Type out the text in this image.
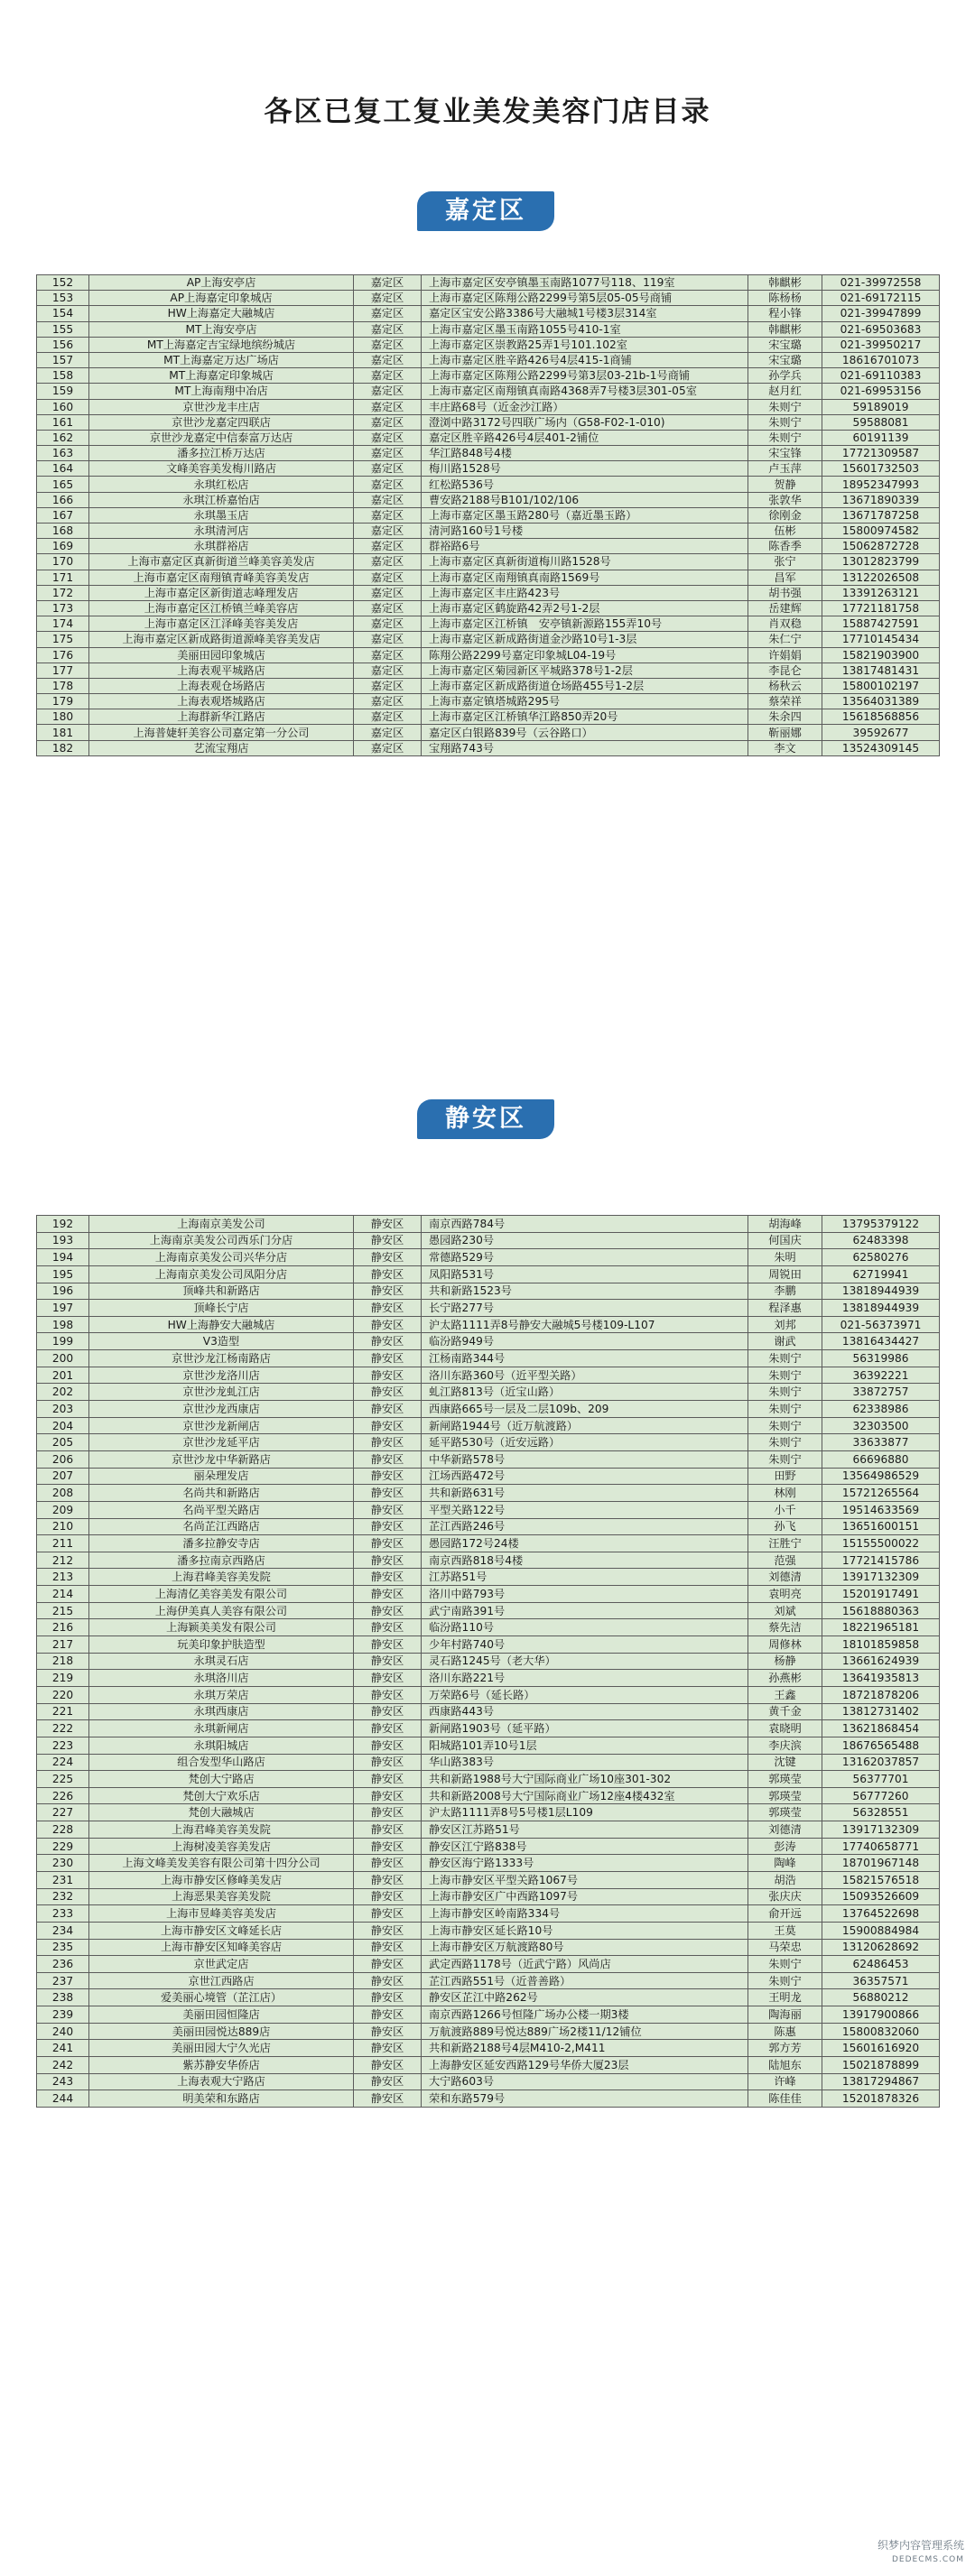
各区已复工复业美发美容门店目录
嘉定区
152	AP上海安亭店	嘉定区	上海市嘉定区安亭镇墨玉南路1077号118、119室	韩麒彬	021-39972558
153	AP上海嘉定印象城店	嘉定区	上海市嘉定区陈翔公路2299号第5层05-05号商铺	陈杨杨	021-69172115
154	HW上海嘉定大融城店	嘉定区	嘉定区宝安公路3386号大融城1号楼3层314室	程小锋	021-39947899
155	MT上海安亭店	嘉定区	上海市嘉定区墨玉南路1055号410-1室	韩麒彬	021-69503683
156	MT上海嘉定吉宝绿地缤纷城店	嘉定区	上海市嘉定区崇教路25弄1号101.102室	宋宝璐	021-39950217
157	MT上海嘉定万达广场店	嘉定区	上海市嘉定区胜辛路426号4层415-1商铺	宋宝璐	18616701073
158	MT上海嘉定印象城店	嘉定区	上海市嘉定区陈翔公路2299号第3层03-21b-1号商铺	孙学兵	021-69110383
159	MT上海南翔中冶店	嘉定区	上海市嘉定区南翔镇真南路4368弄7号楼3层301-05室	赵月红	021-69953156
160	京世沙龙丰庄店	嘉定区	丰庄路68号（近金沙江路）	朱则宁	59189019
161	京世沙龙嘉定四联店	嘉定区	澄浏中路3172号四联广场内（G58-F02-1-010)	朱则宁	59588081
162	京世沙龙嘉定中信泰富万达店	嘉定区	嘉定区胜辛路426号4层401-2铺位	朱则宁	60191139
163	潘多拉江桥万达店	嘉定区	华江路848号4楼	宋宝锋	17721309587
164	文峰美容美发梅川路店	嘉定区	梅川路1528号	卢玉萍	15601732503
165	永琪红松店	嘉定区	红松路536号	贺静	18952347993
166	永琪江桥嘉怡店	嘉定区	曹安路2188号B101/102/106	张敦华	13671890339
167	永琪墨玉店	嘉定区	上海市嘉定区墨玉路280号（嘉近墨玉路）	徐刚金	13671787258
168	永琪清河店	嘉定区	清河路160号1号楼	伍彬	15800974582
169	永琪群裕店	嘉定区	群裕路6号	陈香季	15062872728
170	上海市嘉定区真新街道兰峰美容美发店	嘉定区	上海市嘉定区真新街道梅川路1528号	张宁	13012823799
171	上海市嘉定区南翔镇青峰美容美发店	嘉定区	上海市嘉定区南翔镇真南路1569号	昌军	13122026508
172	上海市嘉定区新街道志峰理发店	嘉定区	上海市嘉定区丰庄路423号	胡书强	13391263121
173	上海市嘉定区江桥镇兰峰美容店	嘉定区	上海市嘉定区鹤旋路42弄2号1-2层	岳建辉	17721181758
174	上海市嘉定区江泽峰美容美发店	嘉定区	上海市嘉定区江桥镇　安亭镇新源路155弄10号	肖双稳	15887427591
175	上海市嘉定区新成路街道源峰美容美发店	嘉定区	上海市嘉定区新成路街道金沙路10号1-3层	朱仁宁	17710145434
176	美丽田园印象城店	嘉定区	陈翔公路2299号嘉定印象城L04-19号	许娟娟	15821903900
177	上海表观平城路店	嘉定区	上海市嘉定区菊园新区平城路378号1-2层	李昆仑	13817481431
178	上海表观仓场路店	嘉定区	上海市嘉定区新成路街道仓场路455号1-2层	杨秋云	15800102197
179	上海表观塔城路店	嘉定区	上海市嘉定镇塔城路295号	蔡荣祥	13564031389
180	上海群新华江路店	嘉定区	上海市嘉定区江桥镇华江路850弄20号	朱余四	15618568856
181	上海普婕轩美容公司嘉定第一分公司	嘉定区	嘉定区白银路839号（云谷路口）	靳丽娜	39592677
182	艺流宝翔店	嘉定区	宝翔路743号	李文	13524309145
静安区
192	上海南京美发公司	静安区	南京西路784号	胡海峰	13795379122
193	上海南京美发公司西乐门分店	静安区	愚园路230号	何国庆	62483398
194	上海南京美发公司兴华分店	静安区	常德路529号	朱明	62580276
195	上海南京美发公司凤阳分店	静安区	凤阳路531号	周锐田	62719941
196	顶峰共和新路店	静安区	共和新路1523号	李鹏	13818944939
197	顶峰长宁店	静安区	长宁路277号	程泽惠	13818944939
198	HW上海静安大融城店	静安区	沪太路1111弄8号静安大融城5号楼109-L107	刘邦	021-56373971
199	V3造型	静安区	临汾路949号	谢武	13816434427
200	京世沙龙江杨南路店	静安区	江杨南路344号	朱则宁	56319986
201	京世沙龙洛川店	静安区	洛川东路360号（近平型关路）	朱则宁	36392221
202	京世沙龙虬江店	静安区	虬江路813号（近宝山路）	朱则宁	33872757
203	京世沙龙西康店	静安区	西康路665号一层及二层109b、209	朱则宁	62338986
204	京世沙龙新闸店	静安区	新闸路1944号（近万航渡路）	朱则宁	32303500
205	京世沙龙延平店	静安区	延平路530号（近安远路）	朱则宁	33633877
206	京世沙龙中华新路店	静安区	中华新路578号	朱则宁	66696880
207	丽朵理发店	静安区	江场西路472号	田野	13564986529
208	名尚共和新路店	静安区	共和新路631号	林刚	15721265564
209	名尚平型关路店	静安区	平型关路122号	小千	19514633569
210	名尚芷江西路店	静安区	芷江西路246号	孙飞	13651600151
211	潘多拉静安寺店	静安区	愚园路172号24楼	汪胜宁	15155500022
212	潘多拉南京西路店	静安区	南京西路818号4楼	范强	17721415786
213	上海君峰美容美发院	静安区	江苏路51号	刘德清	13917132309
214	上海清亿美容美发有限公司	静安区	洛川中路793号	袁明亮	15201917491
215	上海伊美真人美容有限公司	静安区	武宁南路391号	刘斌	15618880363
216	上海颖美美发有限公司	静安区	临汾路110号	蔡先洁	18221965181
217	玩美印象护肤造型	静安区	少年村路740号	周修林	18101859858
218	永琪灵石店	静安区	灵石路1245号（老大华）	杨静	13661624939
219	永琪洛川店	静安区	洛川东路221号	孙燕彬	13641935813
220	永琪万荣店	静安区	万荣路6号（延长路）	王鑫	18721878206
221	永琪西康店	静安区	西康路443号	黄千金	13812731402
222	永琪新闸店	静安区	新闸路1903号（延平路）	袁晓明	13621868454
223	永琪阳城店	静安区	阳城路101弄10号1层	李庆滨	18676565488
224	组合发型华山路店	静安区	华山路383号	沈键	13162037857
225	梵创大宁路店	静安区	共和新路1988号大宁国际商业广场10座301-302	郭瑛莹	56377701
226	梵创大宁欢乐店	静安区	共和新路2008号大宁国际商业广场12座4楼432室	郭瑛莹	56777260
227	梵创大融城店	静安区	沪太路1111弄8号5号楼1层L109	郭瑛莹	56328551
228	上海君峰美容美发院	静安区	静安区江苏路51号	刘德清	13917132309
229	上海树凌美容美发店	静安区	静安区江宁路838号	彭涛	17740658771
230	上海文峰美发美容有限公司第十四分公司	静安区	静安区海宁路1333号	陶峰	18701967148
231	上海市静安区修峰美发店	静安区	上海市静安区平型关路1067号	胡浩	15821576518
232	上海恶果美容美发院	静安区	上海市静安区广中西路1097号	张庆庆	15093526609
233	上海市昱峰美容美发店	静安区	上海市静安区岭南路334号	俞开远	13764522698
234	上海市静安区文峰延长店	静安区	上海市静安区延长路10号	王莫	15900884984
235	上海市静安区知峰美容店	静安区	上海市静安区万航渡路80号	马荣忠	13120628692
236	京世武定店	静安区	武定西路1178号（近武宁路）风尚店	朱则宁	62486453
237	京世江西路店	静安区	芷江西路551号（近普善路）	朱则宁	36357571
238	爱美丽心境管（芷江店）	静安区	静安区芷江中路262号	王明龙	56880212
239	美丽田园恒隆店	静安区	南京西路1266号恒隆广场办公楼一期3楼	陶海丽	13917900866
240	美丽田园悦达889店	静安区	万航渡路889号悦达889广场2楼11/12铺位	陈惠	15800832060
241	美丽田园大宁久光店	静安区	共和新路2188号4层M410-2,M411	郭方芳	15601616920
242	紫苏静安华侨店	静安区	上海静安区延安西路129号华侨大厦23层	陆旭东	15021878899
243	上海表观大宁路店	静安区	大宁路603号	许峰	13817294867
244	明美荣和东路店	静安区	荣和东路579号	陈佳佳	15201878326
织梦内容管理系统
DEDECMS.COM
